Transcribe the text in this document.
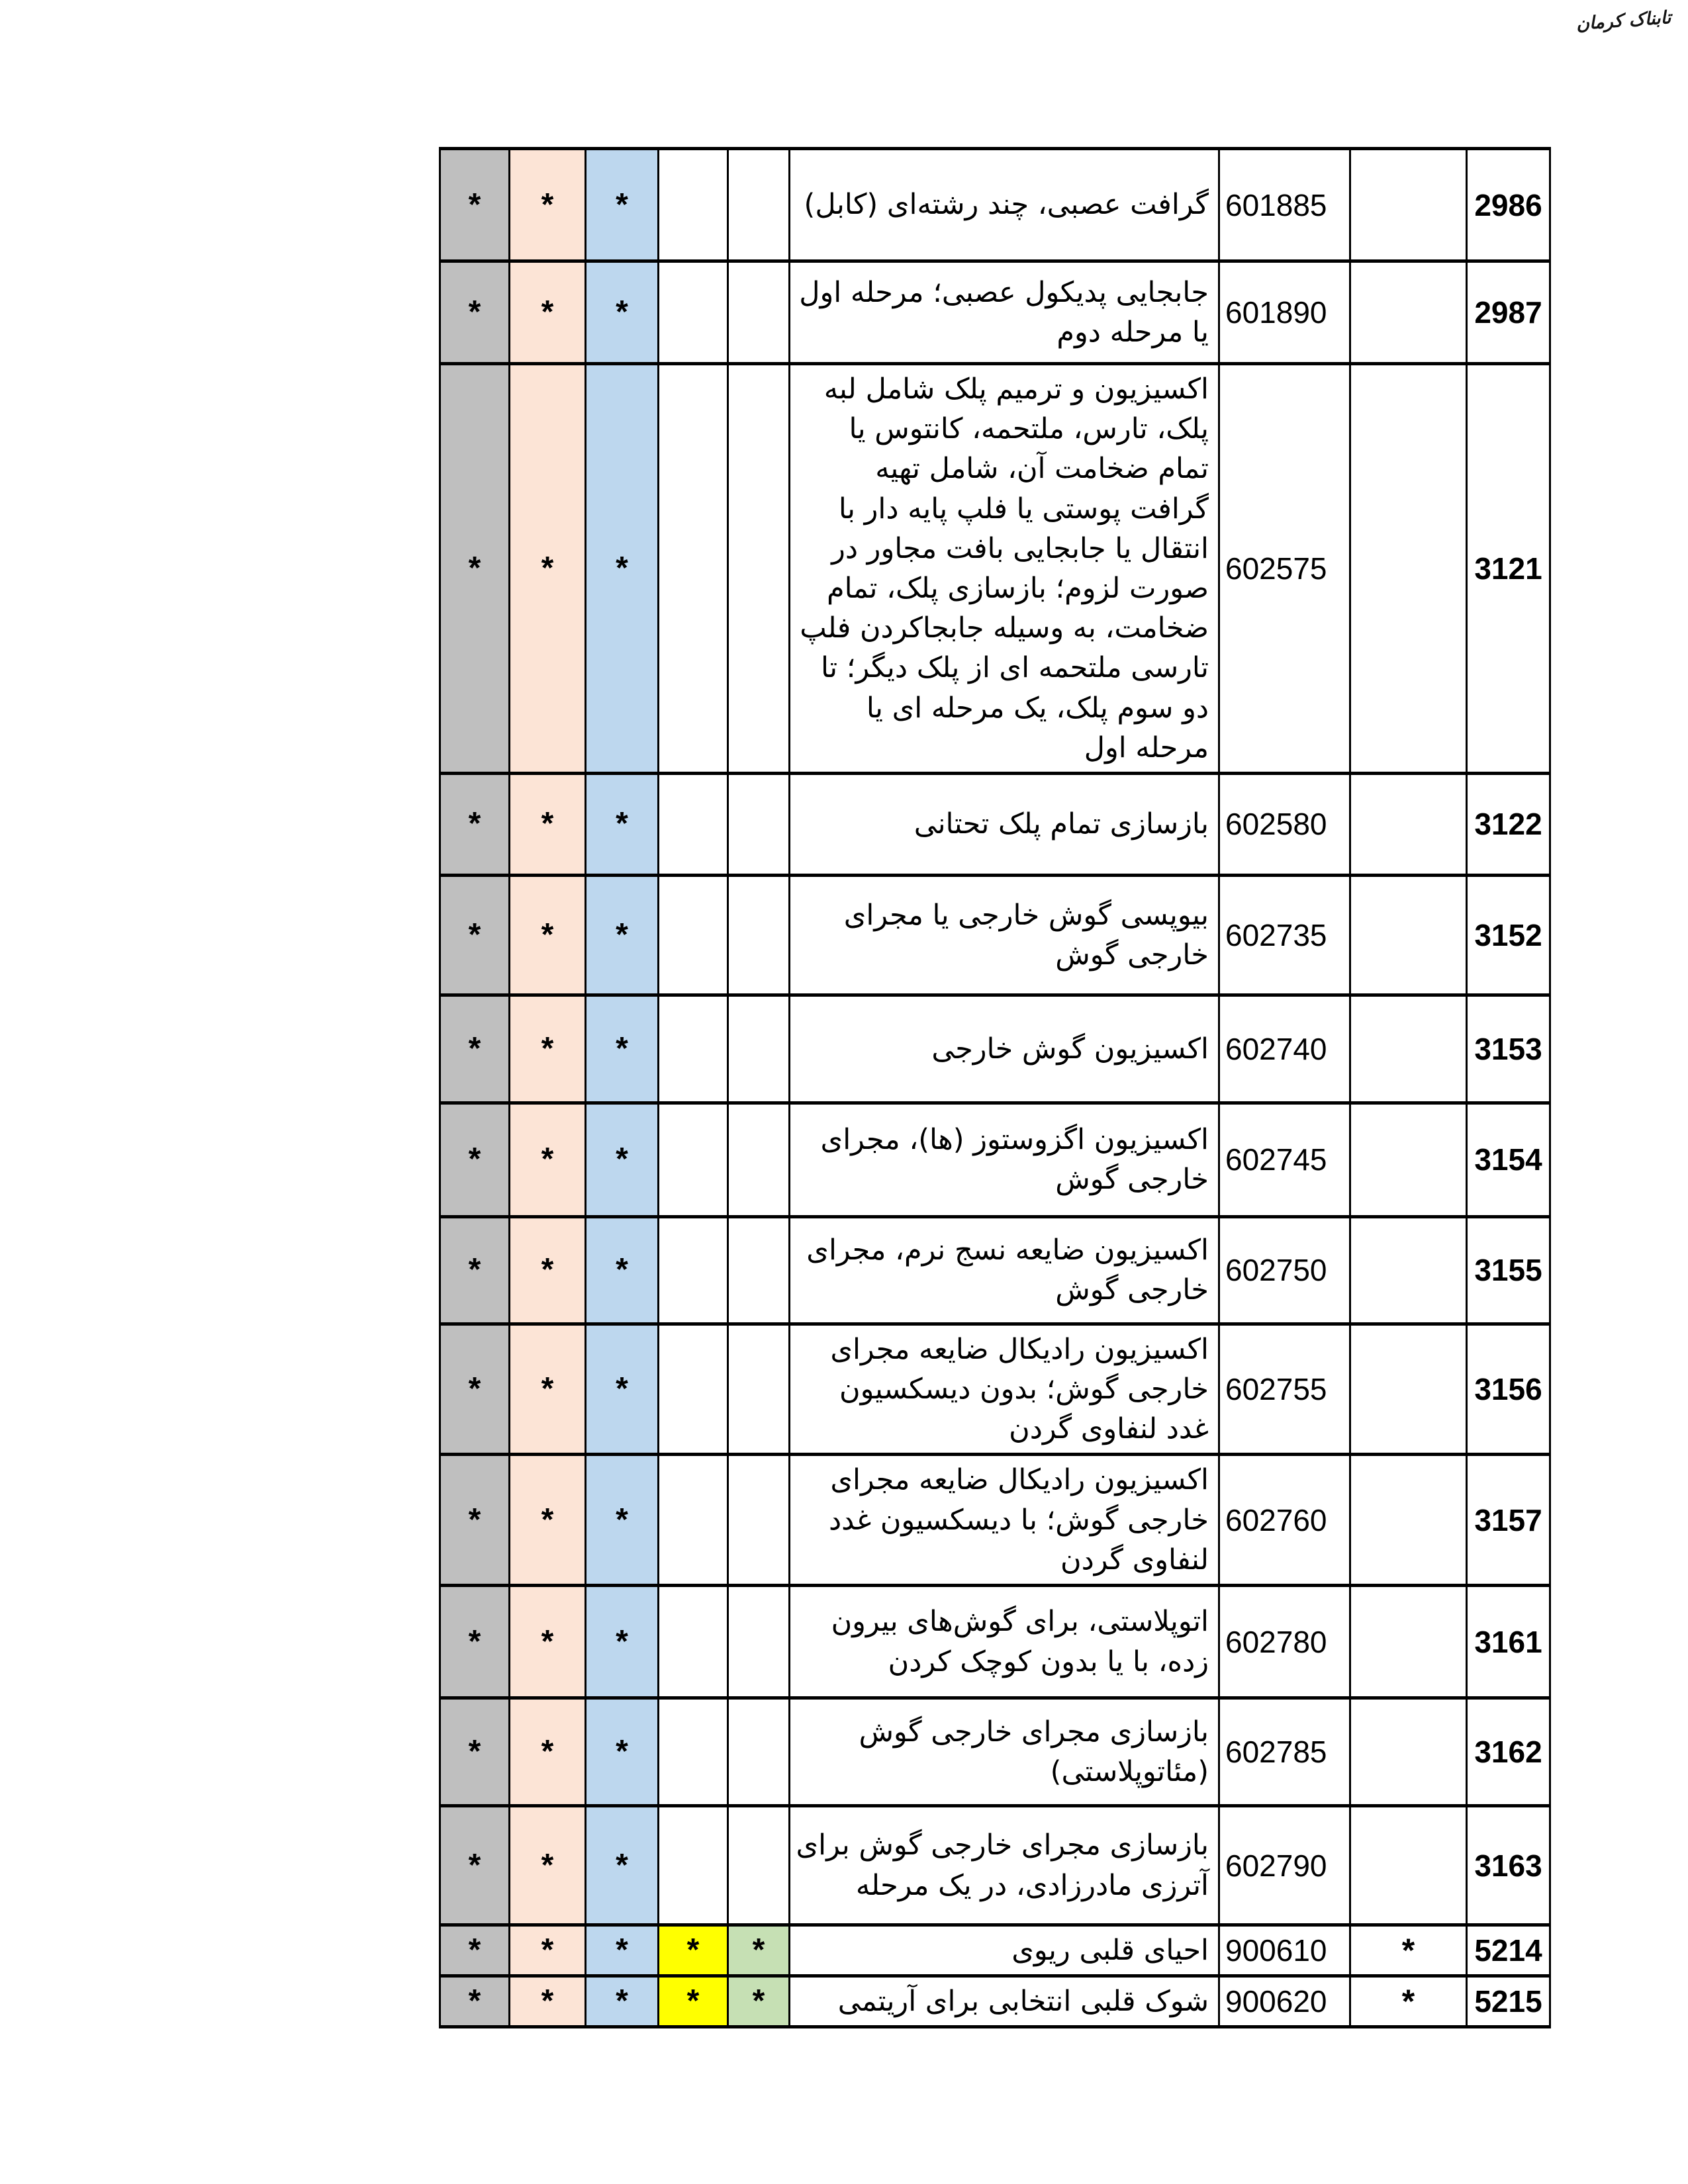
تابناک کرمان
2986		601885	گرافت عصبی، چند رشته‌ای (کابل)			*	*	*
2987		601890	جابجایی پدیکول عصبی؛ مرحله اول یا مرحله دوم			*	*	*
3121		602575	اکسیزیون و ترمیم پلک شامل لبه پلک، تارس، ملتحمه، کانتوس یا تمام ضخامت آن، شامل تهیه گرافت پوستی یا فلپ پایه دار با انتقال یا جابجایی بافت مجاور در صورت لزوم؛ بازسازی پلک، تمام ضخامت، به وسیله جابجاکردن فلپ تارسی ملتحمه ای از پلک دیگر؛ تا دو سوم پلک، یک مرحله ای یا مرحله اول			*	*	*
3122		602580	بازسازی تمام پلک تحتانی			*	*	*
3152		602735	بیوپسی گوش خارجی یا مجرای خارجی گوش			*	*	*
3153		602740	اکسیزیون گوش خارجی			*	*	*
3154		602745	اکسیزیون اگزوستوز (ها)، مجرای خارجی گوش			*	*	*
3155		602750	اکسیزیون ضایعه نسج نرم، مجرای خارجی گوش			*	*	*
3156		602755	اکسیزیون رادیکال ضایعه مجرای خارجی گوش؛ بدون دیسکسیون غدد لنفاوی گردن			*	*	*
3157		602760	اکسیزیون رادیکال ضایعه مجرای خارجی گوش؛ با دیسکسیون غدد لنفاوی گردن			*	*	*
3161		602780	اتوپلاستی، برای گوش‌های بیرون زده، با یا بدون کوچک کردن			*	*	*
3162		602785	بازسازی مجرای خارجی گوش (مئاتوپلاستی)			*	*	*
3163		602790	بازسازی مجرای خارجی گوش برای آترزی مادرزادی، در یک مرحله			*	*	*
5214	*	900610	احیای قلبی ریوی	*	*	*	*	*
5215	*	900620	شوک قلبی انتخابی برای آریتمی	*	*	*	*	*
